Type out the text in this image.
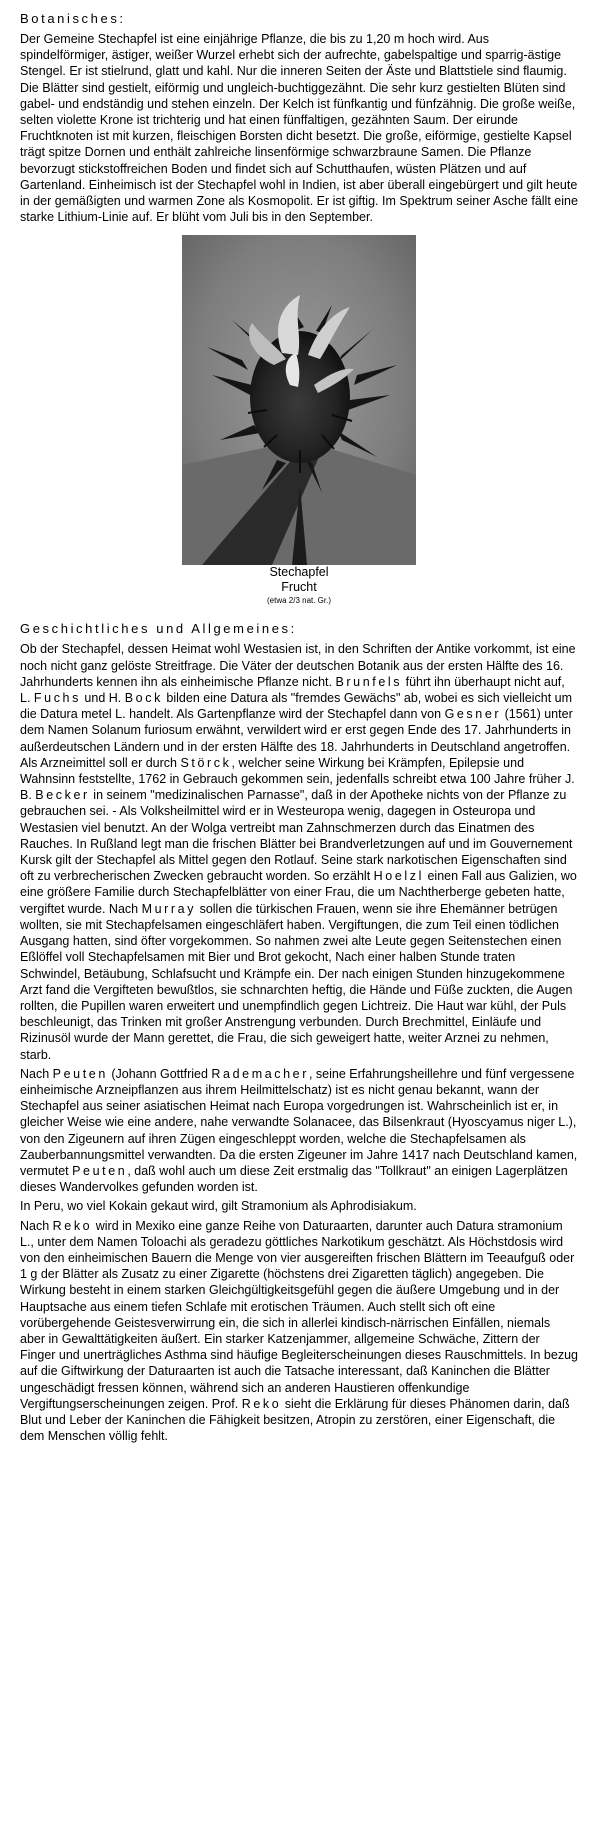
Botanisches:

Der Gemeine Stechapfel ist eine einjährige Pflanze, die bis zu 1,20 m hoch wird. Aus spindelförmiger, ästiger, weißer Wurzel erhebt sich der aufrechte, gabelspaltige und sparrig-ästige Stengel. Er ist stielrund, glatt und kahl. Nur die inneren Seiten der Äste und Blattstiele sind flaumig. Die Blätter sind gestielt, eiförmig und ungleich-buchtiggezähnt. Die sehr kurz gestielten Blüten sind gabel- und endständig und stehen einzeln. Der Kelch ist fünfkantig und fünfzähnig. Die große weiße, selten violette Krone ist trichterig und hat einen fünffaltigen, gezähnten Saum. Der eirunde Fruchtknoten ist mit kurzen, fleischigen Borsten dicht besetzt. Die große, eiförmige, gestielte Kapsel trägt spitze Dornen und enthält zahlreiche linsenförmige schwarzbraune Samen. Die Pflanze bevorzugt stickstoffreichen Boden und findet sich auf Schutthaufen, wüsten Plätzen und auf Gartenland. Einheimisch ist der Stechapfel wohl in Indien, ist aber überall eingebürgert und gilt heute in der gemäßigten und warmen Zone als Kosmopolit. Er ist giftig. Im Spektrum seiner Asche fällt eine starke Lithium-Linie auf. Er blüht vom Juli bis in den September.

Stechapfel
Frucht
(etwa 2/3 nat. Gr.)
Geschichtliches und Allgemeines:

Ob der Stechapfel, dessen Heimat wohl Westasien ist, in den Schriften der Antike vorkommt, ist eine noch nicht ganz gelöste Streitfrage. Die Väter der deutschen Botanik aus der ersten Hälfte des 16. Jahrhunderts kennen ihn als einheimische Pflanze nicht. Brunfels führt ihn überhaupt nicht auf, L. Fuchs und H. Bock bilden eine Datura als "fremdes Gewächs" ab, wobei es sich vielleicht um die Datura metel L. handelt. Als Gartenpflanze wird der Stechapfel dann von Gesner (1561) unter dem Namen Solanum furiosum erwähnt, verwildert wird er erst gegen Ende des 17. Jahrhunderts in außerdeutschen Ländern und in der ersten Hälfte des 18. Jahrhunderts in Deutschland angetroffen. Als Arzneimittel soll er durch Störck, welcher seine Wirkung bei Krämpfen, Epilepsie und Wahnsinn feststellte, 1762 in Gebrauch gekommen sein, jedenfalls schreibt etwa 100 Jahre früher J. B. Becker in seinem "medizinalischen Parnasse", daß in der Apotheke nichts von der Pflanze zu gebrauchen sei. - Als Volksheilmittel wird er in Westeuropa wenig, dagegen in Osteuropa und Westasien viel benutzt. An der Wolga vertreibt man Zahnschmerzen durch das Einatmen des Rauches. In Rußland legt man die frischen Blätter bei Brandverletzungen auf und im Gouvernement Kursk gilt der Stechapfel als Mittel gegen den Rotlauf. Seine stark narkotischen Eigenschaften sind oft zu verbrecherischen Zwecken gebraucht worden. So erzählt Hoelzl einen Fall aus Galizien, wo eine größere Familie durch Stechapfelblätter von einer Frau, die um Nachtherberge gebeten hatte, vergiftet wurde. Nach Murray sollen die türkischen Frauen, wenn sie ihre Ehemänner betrügen wollten, sie mit Stechapfelsamen eingeschläfert haben. Vergiftungen, die zum Teil einen tödlichen Ausgang hatten, sind öfter vorgekommen. So nahmen zwei alte Leute gegen Seitenstechen einen Eßlöffel voll Stechapfelsamen mit Bier und Brot gekocht, Nach einer halben Stunde traten Schwindel, Betäubung, Schlafsucht und Krämpfe ein. Der nach einigen Stunden hinzugekommene Arzt fand die Vergifteten bewußtlos, sie schnarchten heftig, die Hände und Füße zuckten, die Augen rollten, die Pupillen waren erweitert und unempfindlich gegen Lichtreiz. Die Haut war kühl, der Puls beschleunigt, das Trinken mit großer Anstrengung verbunden. Durch Brechmittel, Einläufe und Rizinusöl wurde der Mann gerettet, die Frau, die sich geweigert hatte, weiter Arznei zu nehmen, starb.

Nach Peuten (Johann Gottfried Rademacher, seine Erfahrungsheillehre und fünf vergessene einheimische Arzneipflanzen aus ihrem Heilmittelschatz) ist es nicht genau bekannt, wann der Stechapfel aus seiner asiatischen Heimat nach Europa vorgedrungen ist. Wahrscheinlich ist er, in gleicher Weise wie eine andere, nahe verwandte Solanacee, das Bilsenkraut (Hyoscyamus niger L.), von den Zigeunern auf ihren Zügen eingeschleppt worden, welche die Stechapfelsamen als Zauberbannungsmittel verwandten. Da die ersten Zigeuner im Jahre 1417 nach Deutschland kamen, vermutet Peuten, daß wohl auch um diese Zeit erstmalig das "Tollkraut" an einigen Lagerplätzen dieses Wandervolkes gefunden worden ist.

In Peru, wo viel Kokain gekaut wird, gilt Stramonium als Aphrodisiakum.

Nach Reko wird in Mexiko eine ganze Reihe von Daturaarten, darunter auch Datura stramonium L., unter dem Namen Toloachi als geradezu göttliches Narkotikum geschätzt. Als Höchstdosis wird von den einheimischen Bauern die Menge von vier ausgereiften frischen Blättern im Teeaufguß oder 1 g der Blätter als Zusatz zu einer Zigarette (höchstens drei Zigaretten täglich) angegeben. Die Wirkung besteht in einem starken Gleichgültigkeitsgefühl gegen die äußere Umgebung und in der Hauptsache aus einem tiefen Schlafe mit erotischen Träumen. Auch stellt sich oft eine vorübergehende Geistesverwirrung ein, die sich in allerlei kindisch-närrischen Einfällen, niemals aber in Gewalttätigkeiten äußert. Ein starker Katzenjammer, allgemeine Schwäche, Zittern der Finger und unerträgliches Asthma sind häufige Begleiterscheinungen dieses Rauschmittels. In bezug auf die Giftwirkung der Daturaarten ist auch die Tatsache interessant, daß Kaninchen die Blätter ungeschädigt fressen können, während sich an anderen Haustieren offenkundige Vergiftungserscheinungen zeigen. Prof. Reko sieht die Erklärung für dieses Phänomen darin, daß Blut und Leber der Kaninchen die Fähigkeit besitzen, Atropin zu zerstören, einer Eigenschaft, die dem Menschen völlig fehlt.
